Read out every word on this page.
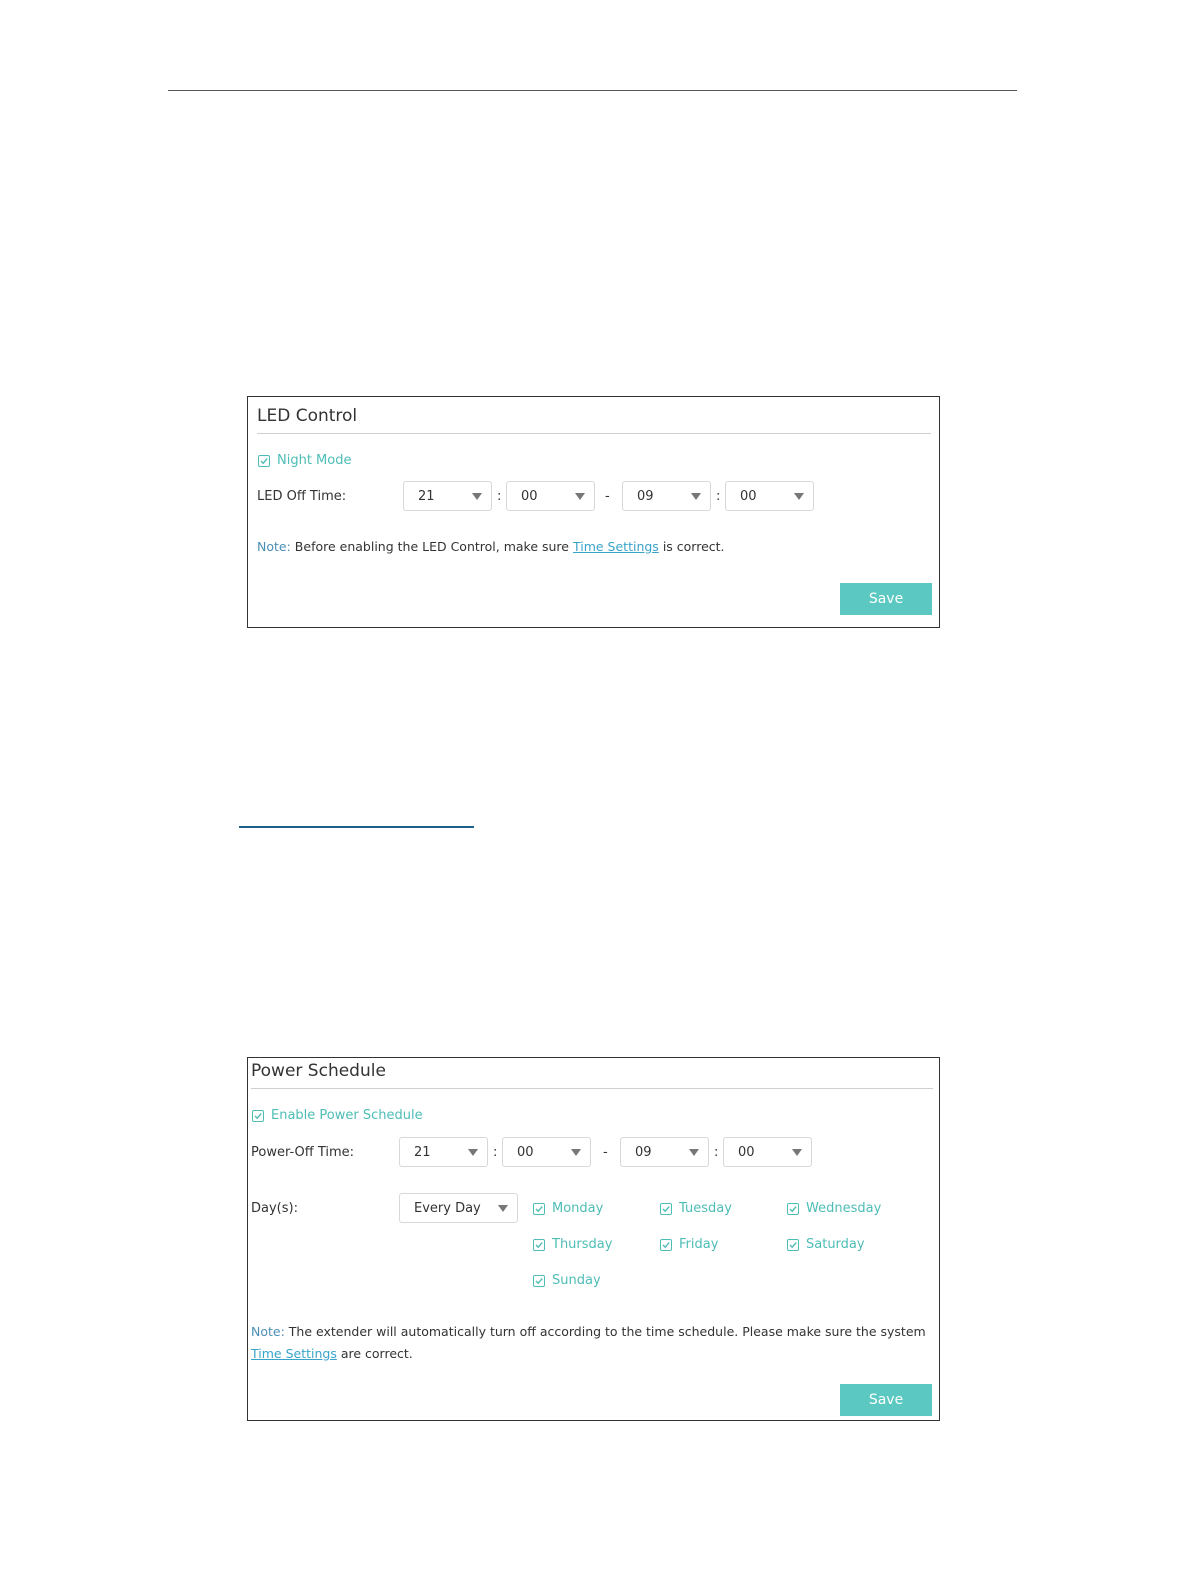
LED Control
Night Mode
LED Off Time:	21	: 00	- 09	: 00
Note: Before enabling the LED Control, make sure Time Settings is correct.
Save
Power Schedule
Enable Power Schedule
Power-Off Time:	21	: 00	- 09	: 00
Day(s):	Every Day	Monday	Tuesday	Wednesday
Thursday	Friday	Saturday
Sunday
Note: The extender will automatically turn off according to the time schedule. Please make sure the system
Time Settings are correct.
Save
